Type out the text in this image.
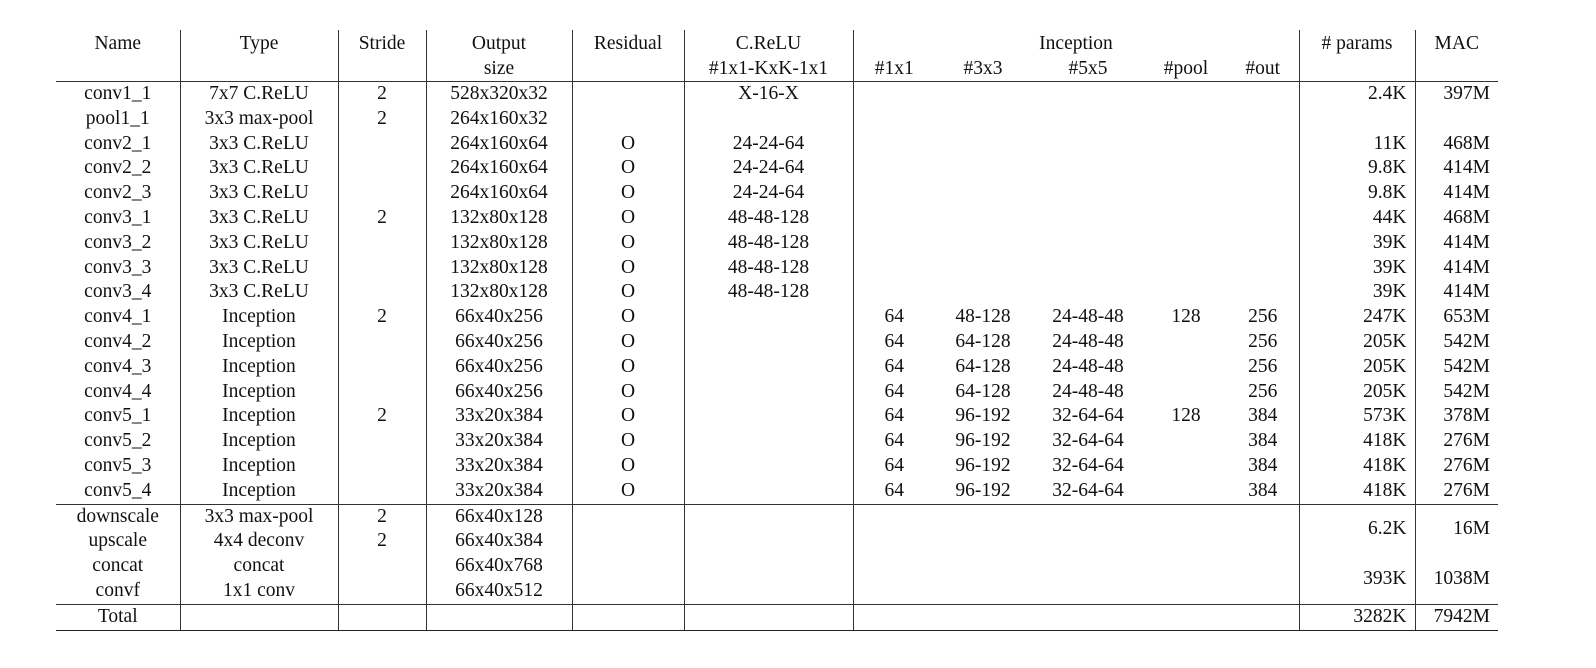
Name	Type	Stride	Output	Residual	C.ReLU	Inception					# params	MAC
			size		#1x1-KxK-1x1	#1x1	#3x3	#5x5	#pool	#out		
conv1_1	7x7 C.ReLU	2	528x320x32		X-16-X						2.4K	397M
pool1_1	3x3 max-pool	2	264x160x32									
conv2_1	3x3 C.ReLU		264x160x64	O	24-24-64						11K	468M
conv2_2	3x3 C.ReLU		264x160x64	O	24-24-64						9.8K	414M
conv2_3	3x3 C.ReLU		264x160x64	O	24-24-64						9.8K	414M
conv3_1	3x3 C.ReLU	2	132x80x128	O	48-48-128						44K	468M
conv3_2	3x3 C.ReLU		132x80x128	O	48-48-128						39K	414M
conv3_3	3x3 C.ReLU		132x80x128	O	48-48-128						39K	414M
conv3_4	3x3 C.ReLU		132x80x128	O	48-48-128						39K	414M
conv4_1	Inception	2	66x40x256	O		64	48-128	24-48-48	128	256	247K	653M
conv4_2	Inception		66x40x256	O		64	64-128	24-48-48		256	205K	542M
conv4_3	Inception		66x40x256	O		64	64-128	24-48-48		256	205K	542M
conv4_4	Inception		66x40x256	O		64	64-128	24-48-48		256	205K	542M
conv5_1	Inception	2	33x20x384	O		64	96-192	32-64-64	128	384	573K	378M
conv5_2	Inception		33x20x384	O		64	96-192	32-64-64		384	418K	276M
conv5_3	Inception		33x20x384	O		64	96-192	32-64-64		384	418K	276M
conv5_4	Inception		33x20x384	O		64	96-192	32-64-64		384	418K	276M
downscale	3x3 max-pool	2	66x40x128								6.2K	16M
upscale	4x4 deconv	2	66x40x384									
concat	concat		66x40x768								393K	1038M
convf	1x1 conv		66x40x512									
Total											3282K	7942M
